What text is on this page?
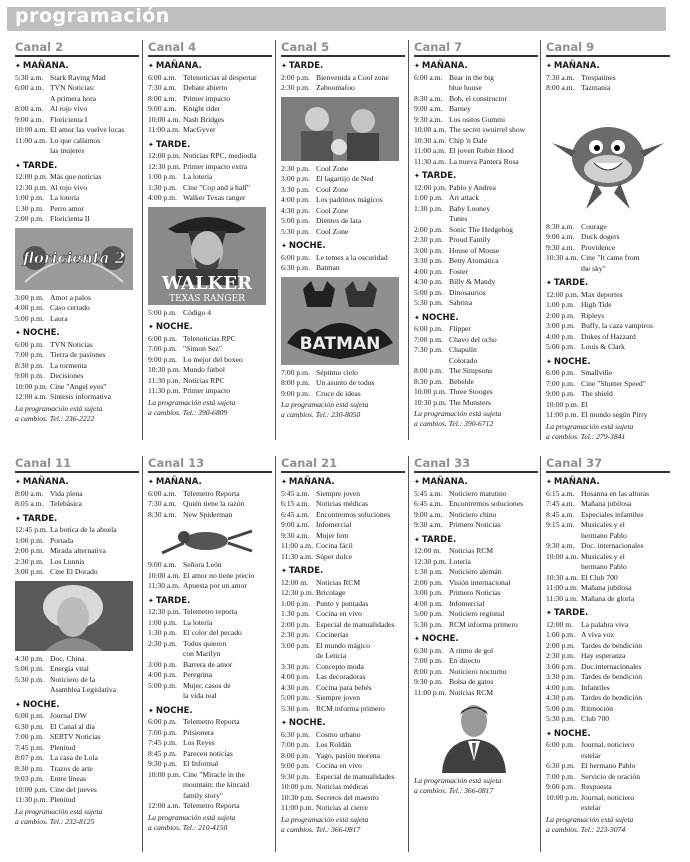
programación
Canal 2
✦ MAÑANA.
5:30 a.m. Stark Raving Mad
6:00 a.m. TVN Noticias:
A primera hora
8:00 a.m. Al rojo vivo
9:00 a.m. Floricienta I
10:00 a.m. El amor las vuelve locas
11:00 a.m. Lo que callamos
las mujeres
✦ TARDE.
12:00 p.m. Más que noticias
12:30 p.m. Al rojo vivo
1:00 p.m. La lotería
1:30 p.m. Perro amor
2:00 p.m. Floricienta II
floricienta 2
3:00 p.m. Amor a palos
4:00 p.m. Caso cerrado
5:00 p.m. Laura
✦ NOCHE.
6:00 p.m. TVN Noticias
7:00 p.m. Tierra de pasiones
8:30 p.m. La tormenta
9:00 p.m. Decisiones
10:00 p.m. Cine "Angel eyes"
12:00 a.m. Síntesis informativa
La programación está sujeta
a cambios. Tel.: 236-2222
Canal 4
✦ MAÑANA.
6:00 a.m. Telenoticias al despertar
7:30 a.m. Debate abierto
8:00 a.m. Primer impacto
9:00 a.m. Knight rider
10:00 a.m. Nash Bridges
11:00 a.m. MacGyver
✦ TARDE.
12:00 p.m. Noticias RPC, mediodía
12:30 p.m. Primer impacto extra
1:00 p.m. La lotería
1:30 p.m. Cine "Cop and a half"
4:00 p.m. Walker Texas ranger
WALKER
TEXAS RANGER
5:00 p.m. Código 4
✦ NOCHE.
6:00 p.m. Telenoticias RPC
7:00 p.m. "Simon Sez"
9:00 p.m. Lo mejor del boxeo
10:30 p.m. Mundo fútbol
11:30 p.m. Noticias RPC
11:30 p.m. Primer impacto
La programación está sujeta
a cambios. Tel.: 390-6809
Canal 5
✦ TARDE.
2:00 p.m. Bienvenida a Cool zone
2:30 p.m. Zaboomafoo
2:30 p.m. Cool Zone
3:00 p.m. El lagartijo de Ned
3:30 p.m. Cool Zone
4:00 p.m. Los padrinos mágicos
4:30 p.m. Cool Zone
5:00 p.m. Dientes de lata
5:30 p.m. Cool Zone
✦ NOCHE.
6:00 p.m. Le temes a la oscuridad
6:30 p.m. Batman
BATMAN
7:00 p.m. Séptimo cielo
8:00 p.m. Un asunto de todos
9:00 p.m. Cruce de ideas
La programación está sujeta
a cambios. Tel.: 230-8050
Canal 7
✦ MAÑANA.
6:00 a.m. Bear in the big
blue house
8:30 a.m. Bob, el constructor
9:00 a.m. Barney
9:30 a.m. Los ositos Gummi
10:00 a.m. The secret swuirrel show
10:30 a.m. Chip 'n Dale
11:00 a.m. El joven Robin Hood
11:30 a.m. La nueva Pantera Rosa
✦ TARDE.
12:00 p.m. Pablo y Andrea
1:00 p.m. Art attack
1:30 p.m. Baby Looney
Tunes
2:00 p.m. Sonic The Hedgehog
2:30 p.m. Proud Family
3:00 p.m. House of Mouse
3:30 p.m. Betty Atomática
4:00 p.m. Foster
4:30 p.m. Billy & Mandy
5:00 p.m. Dinosaurios
5:30 p.m. Sabrina
✦ NOCHE.
6:00 p.m. Flipper
7:00 p.m. Chavo del ocho
7:30 p.m. Chapulín
Colorado
8:00 p.m. The Simpsons
8:30 p.m. Bebelde
10:00 p.m. Three Stooges
10:30 p.m. The Munsters
La programación está sujeta
a cambios. Tel.: 390-6712
Canal 9
✦ MAÑANA.
7:30 a.m. Trespatines
8:00 a.m. Tazmania
8:30 a.m. Courage
9:00 a.m. Duck dogers
9:30 a.m. Providence
10:30 a.m. Cine "It came from
the sky"
✦ TARDE.
12:00 p.m. Max deportes
1:00 p.m. High Tide
2:00 p.m. Ripleys
3:00 p.m. Buffy, la caza vampiros
4:00 p.m. Dukes of Hazzard
5:00 p.m. Louis & Clark
✦ NOCHE.
6:00 p.m. Smallville
7:00 p.m. Cine "Shutter Speed"
9:00 p.m. The shield
10:00 p.m. El
11:00 p.m. El mundo según Pirry
La programación está sujeta
a cambios. Tel.: 279-3841
Canal 11
✦ MAÑANA.
8:00 a.m. Vida plena
8:05 a.m. Telebásica
✦ TARDE.
12:45 p.m. La botica de la abuela
1:00 p.m. Portada
2:00 p.m. Mirada alternativa
2:30 p.m. Los Lunnis
3:00 p.m. Cine El Dorado
4:30 p.m. Doc. China
5:00 p.m. Energía vital
5:30 p.m. Noticiero de la
Asamblea Legislativa
✦ NOCHE.
6:00 p.m. Journal DW
6:30 p.m. El Canal al día
7:00 p.m. SERTV Noticias
7:45 p.m. Plenitud
8:07 p.m. La casa de Lola
8:30 p.m. Trazos de arte
9:03 p.m. Entre líneas
10:00 p.m. Cine del jueves
11:30 p.m. Plenitud
La programación está sujeta
a cambios. Tel.: 232-8125
Canal 13
✦ MAÑANA.
6:00 a.m. Telemetro Reporta
7:30 a.m. Quién tiene la razón
8:30 a.m. New Spiderman
9:00 a.m. Señora León
10:00 a.m. El amor no tiene precio
11:30 a.m. Apuesta por un amor
✦ TARDE.
12:30 p.m. Telemetro reporta
1:00 p.m. La lotería
1:30 p.m. El color del pecado
2:30 p.m. Todos quieren
con Marilyn
3:00 p.m. Barrera de amor
4:00 p.m. Peregrina
5:00 p.m. Mujer, casos de
la vida real
✦ NOCHE.
6:00 p.m. Telemetro Reporta
7:00 p.m. Prisionera
7:45 p.m. Los Reyes
8:45 p.m. Pareceн noticias
9:30 p.m. El Informal
10:00 p.m. Cine "Miracle in the
mountain: the kincaid
family story"
12:00 a.m. Telemetro Reporta
La programación está sujeta
a cambios. Tel.: 210-4150
Canal 21
✦ MAÑANA.
5:45 a.m. Siempre joven
6:15 a.m. Noticias médicas
6:45 a.m. Encontremos soluciones
9:00 a.m. Infomercial
9:30 a.m. Mujer fem
11:00 a.m. Cocina fácil
11:30 a.m. Súper dulce
✦ TARDE.
12:00 m.	Noticias RCM
12:30 p.m. Bricolage
1:00 p.m. Punto y puntadas
1:30 p.m. Cocina en vivo
2:00 p.m. Especial de manualidades
2:30 p.m. Cocinerías
3:00 p.m. El mundo mágico
de Leticia
3:30 p.m. Concepto moda
4:00 p.m. Las decoradoras
4:30 p.m. Cocina para bebés
5:00 p.m. Siempre joven
5:30 p.m. RCM informa primero
✦ NOCHE.
6:30 p.m. Cosmo urbano
7:00 p.m. Los Roldán
8:00 p.m. Yago, pasión morena
9:00 p.m. Cocina en vivo
9:30 p.m. Especial de manualidades
10:00 p.m. Noticias médicas
10:30 p.m. Secretos del maestro
11:00 p.m. Noticias al cierre
La programación está sujeta
a cambios. Tel.: 366-0817
Canal 33
✦ MAÑANA.
5:45 a.m. Noticiero matutino
6:45 a.m. Encontremos soluciones
9:00 a.m. Noticiero chino
9:30 a.m. Primero Noticias
✦ TARDE.
12:00 m.	Noticias RCM
12:30 p.m. Lotería
1:30 p.m. Noticiero alemán
2:00 p.m. Visión internacional
3:00 p.m. Primero Noticias
4:00 p.m. Infomercial
5:00 p.m. Noticiero regional
5:30 p.m. RCM informa primero
✦ NOCHE.
6:30 p.m. A ritmo de gol
7:00 p.m. En directo
8:00 p.m. Noticiero nocturno
9:30 p.m. Bolsa de gatos
11:00 p.m. Noticias RCM
La programación está sujeta
a cambios. Tel.: 366-0817
Canal 37
✦ MAÑANA.
6:15 a.m. Hosanna en las alturas
7:45 a.m. Mañana jubilosa
8:45 a.m. Especiales infantiles
9:15 a.m. Musicales y el
hermano Pablo
9:30 a.m. Doc. internacionales
10:00 a.m. Musicales y el
hermano Pablo
10:30 a.m. El Club 700
11:00 a.m. Mañana jubilosa
11:30 a.m. Mañana de gloria
✦ TARDE.
12:00 m.	La palabra viva
1:00 p.m. A viva voz
2:00 p.m. Tardes de bendición
2:30 p.m. Hay esperanza
3:00 p.m. Doc.internacionales
3:30 p.m. Tardes de bendición
4:00 p.m. Infantiles
4:30 p.m. Tardes de bendición
5:00 p.m. Ritmoción
5:30 p.m. Club 700
✦ NOCHE.
6:00 p.m. Journal, noticiero
estelar
6:30 p.m. El hermano Pablo
7:00 p.m. Servicio de oración
9:00 p.m. Respuesta
10:00 p.m. Journal, noticiero
estelar
La programación está sujeta
a cambios. Tel.: 223-3074
